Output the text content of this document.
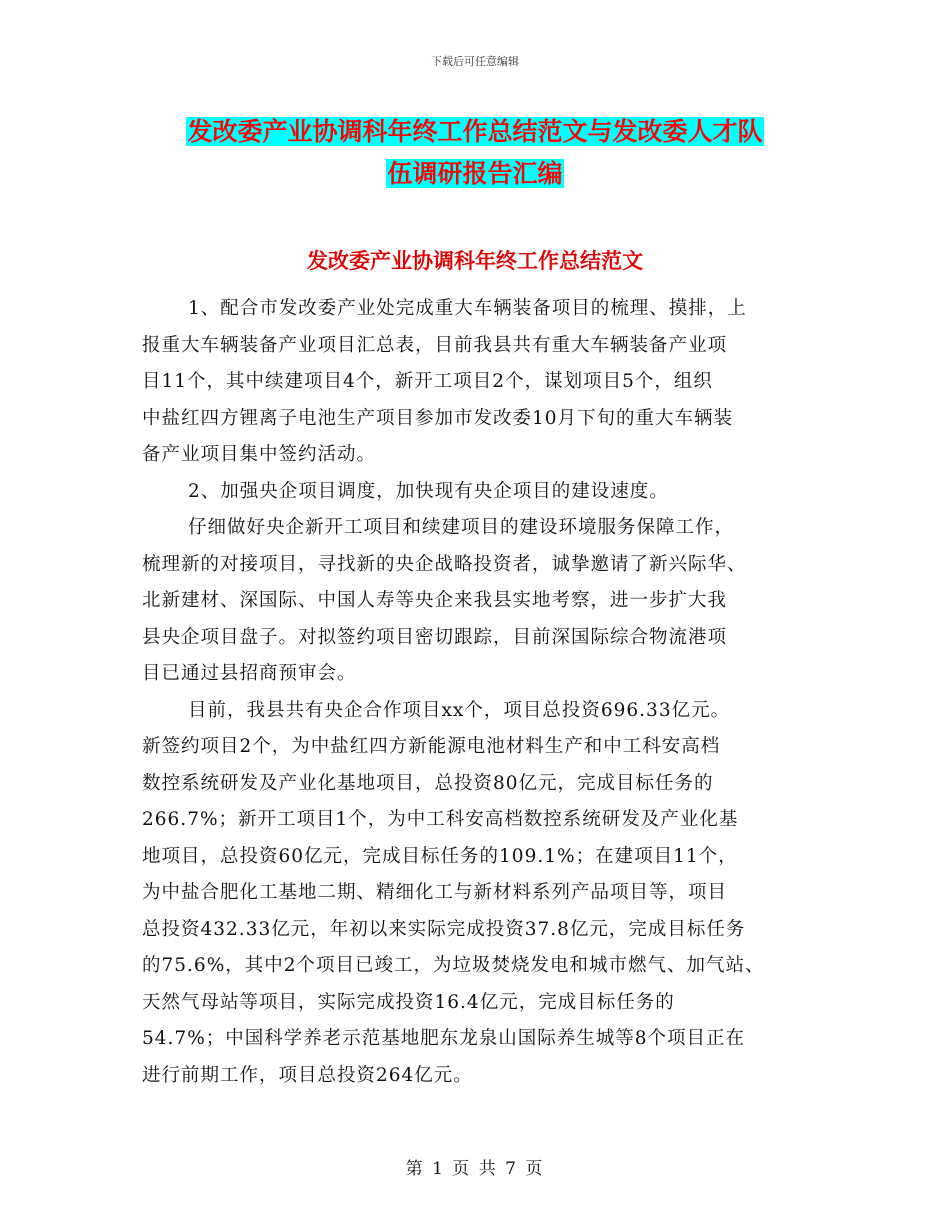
下载后可任意编辑
发改委产业协调科年终工作总结范文与发改委人才队
伍调研报告汇编
发改委产业协调科年终工作总结范文

1、配合市发改委产业处完成重大车辆装备项目的梳理、摸排，上
报重大车辆装备产业项目汇总表，目前我县共有重大车辆装备产业项
目11个，其中续建项目4个，新开工项目2个，谋划项目5个，组织
中盐红四方锂离子电池生产项目参加市发改委10月下旬的重大车辆装
备产业项目集中签约活动。

2、加强央企项目调度，加快现有央企项目的建设速度。

仔细做好央企新开工项目和续建项目的建设环境服务保障工作，
梳理新的对接项目，寻找新的央企战略投资者，诚挚邀请了新兴际华、
北新建材、深国际、中国人寿等央企来我县实地考察，进一步扩大我
县央企项目盘子。对拟签约项目密切跟踪，目前深国际综合物流港项
目已通过县招商预审会。

目前，我县共有央企合作项目xx个，项目总投资696.33亿元。
新签约项目2个，为中盐红四方新能源电池材料生产和中工科安高档
数控系统研发及产业化基地项目，总投资80亿元，完成目标任务的
266.7%；新开工项目1个，为中工科安高档数控系统研发及产业化基
地项目，总投资60亿元，完成目标任务的109.1%；在建项目11个，
为中盐合肥化工基地二期、精细化工与新材料系列产品项目等，项目
总投资432.33亿元，年初以来实际完成投资37.8亿元，完成目标任务
的75.6%，其中2个项目已竣工，为垃圾焚烧发电和城市燃气、加气站、
天然气母站等项目，实际完成投资16.4亿元，完成目标任务的
54.7%；中国科学养老示范基地肥东龙泉山国际养生城等8个项目正在
进行前期工作，项目总投资264亿元。

第 1 页 共 7 页
